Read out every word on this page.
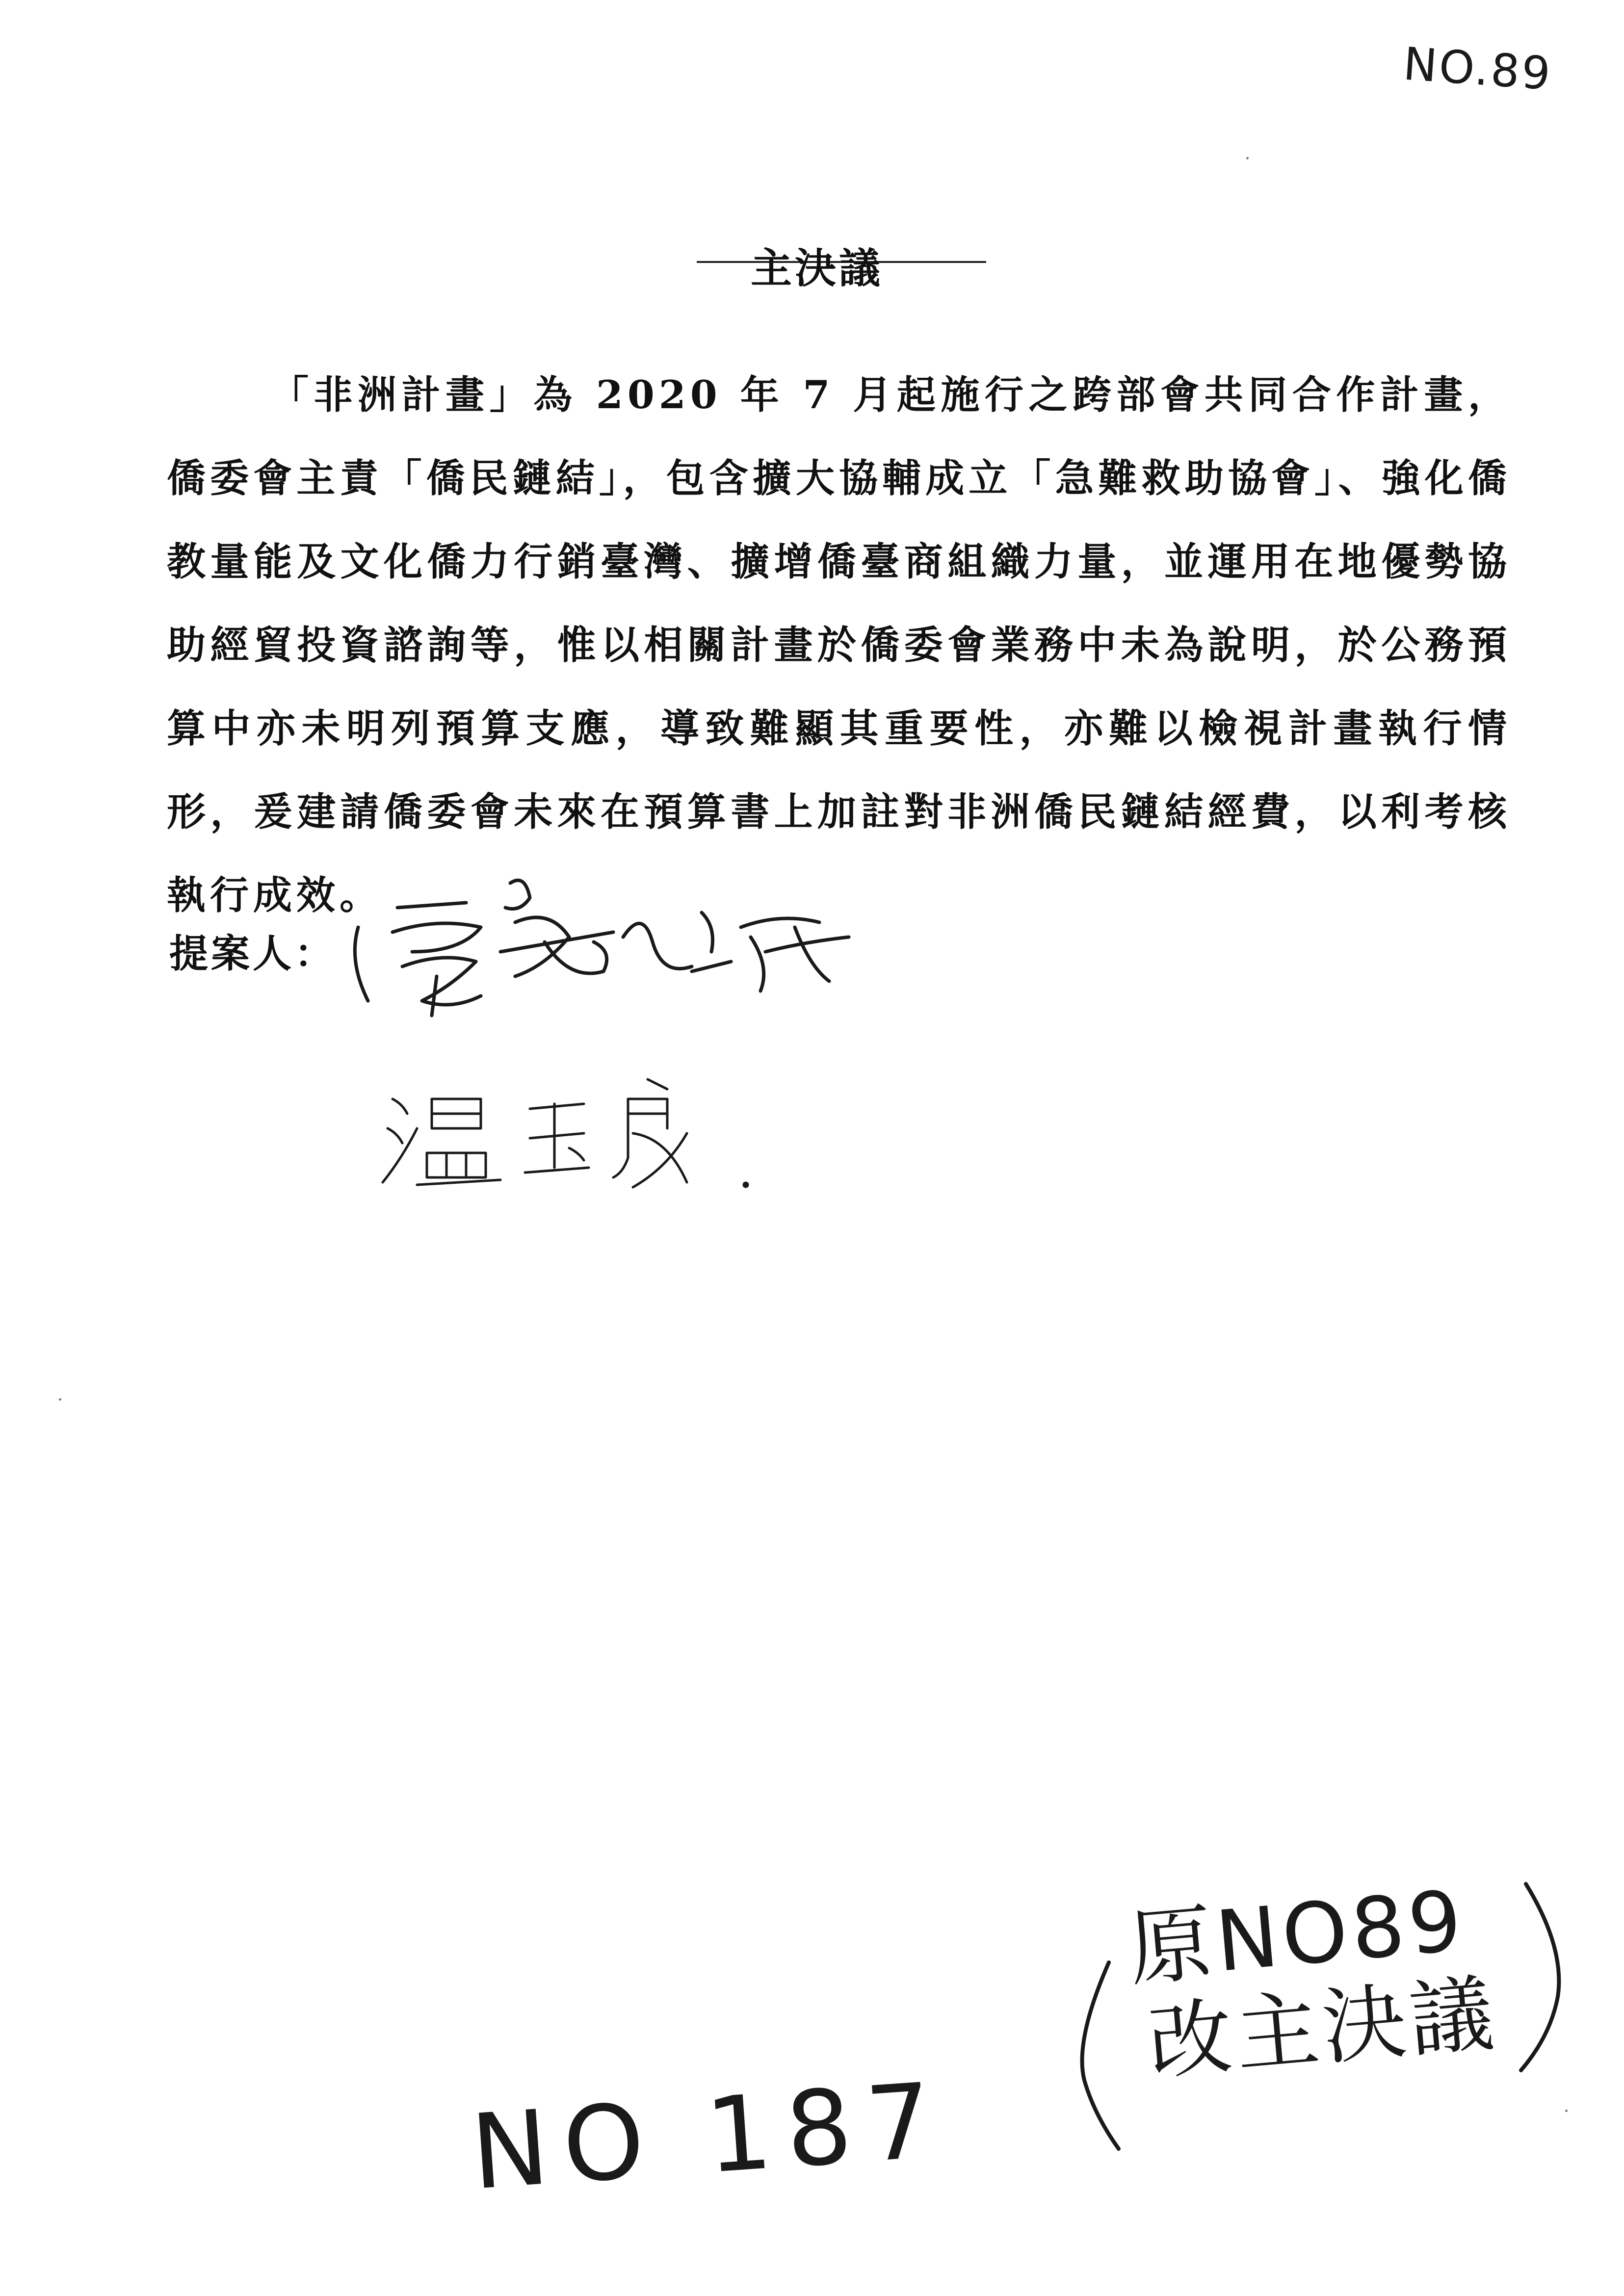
NO.89
主決議

「非洲計畫」為 2020 年 7 月起施行之跨部會共同合作計畫，僑委會主責「僑民鏈結」，包含擴大協輔成立「急難救助協會」、強化僑教量能及文化僑力行銷臺灣、擴增僑臺商組織力量，並運用在地優勢協助經貿投資諮詢等，惟以相關計畫於僑委會業務中未為說明，於公務預算中亦未明列預算支應，導致難顯其重要性，亦難以檢視計畫執行情形，爰建請僑委會未來在預算書上加註對非洲僑民鏈結經費，以利考核執行成效。

提案人：
原NO89
改主決議
NO 187
